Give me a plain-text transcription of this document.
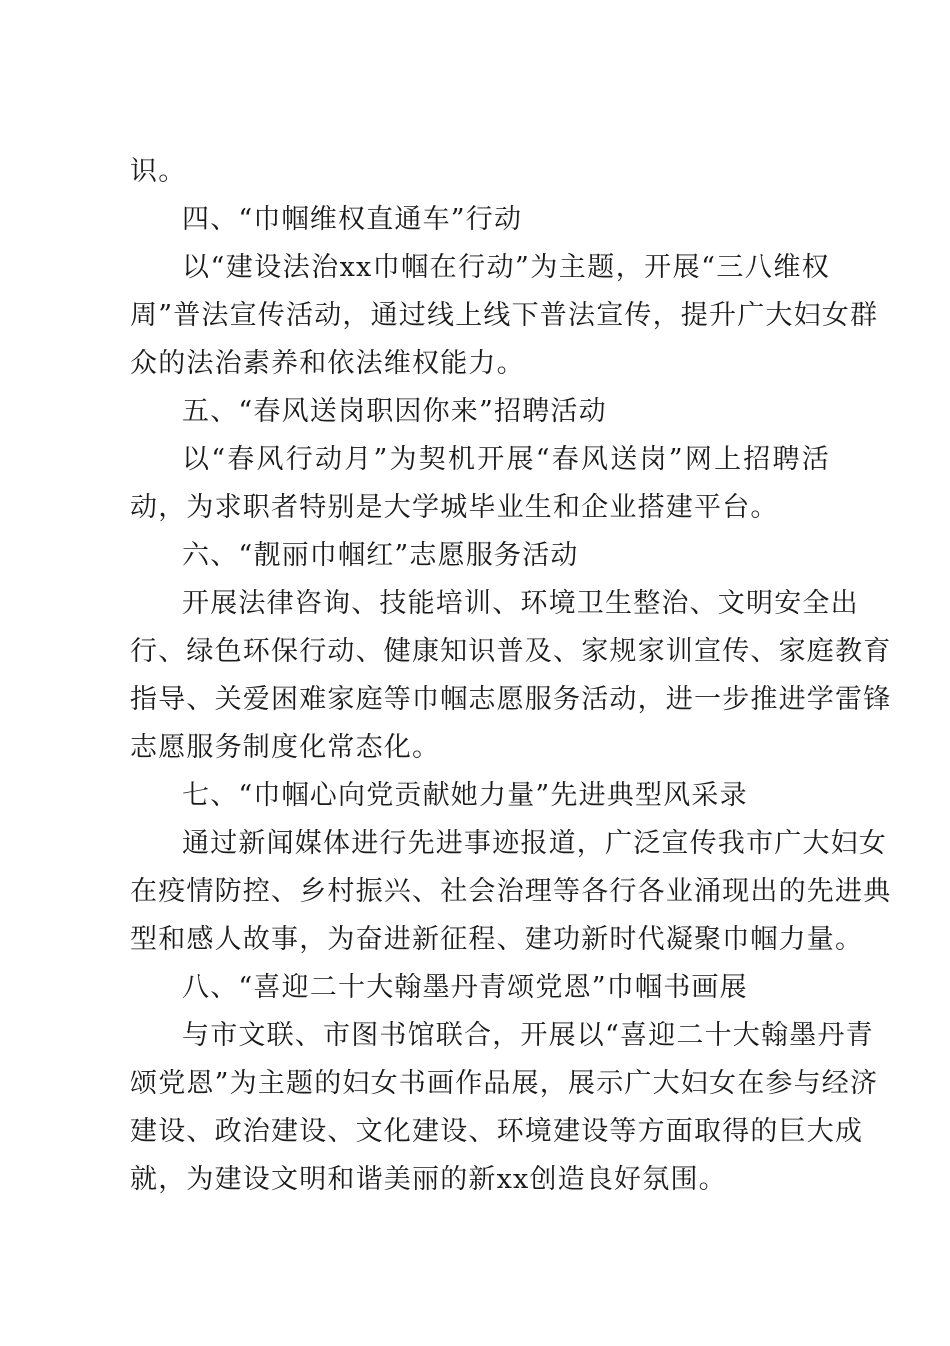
识。
四、“巾帼维权直通车”行动
以“建设法治xx巾帼在行动”为主题，开展“三八维权
周”普法宣传活动，通过线上线下普法宣传，提升广大妇女群
众的法治素养和依法维权能力。
五、“春风送岗职因你来”招聘活动
以“春风行动月”为契机开展“春风送岗”网上招聘活
动，为求职者特别是大学城毕业生和企业搭建平台。
六、“靓丽巾帼红”志愿服务活动
开展法律咨询、技能培训、环境卫生整治、文明安全出
行、绿色环保行动、健康知识普及、家规家训宣传、家庭教育
指导、关爱困难家庭等巾帼志愿服务活动，进一步推进学雷锋
志愿服务制度化常态化。
七、“巾帼心向党贡献她力量”先进典型风采录
通过新闻媒体进行先进事迹报道，广泛宣传我市广大妇女
在疫情防控、乡村振兴、社会治理等各行各业涌现出的先进典
型和感人故事，为奋进新征程、建功新时代凝聚巾帼力量。
八、“喜迎二十大翰墨丹青颂党恩”巾帼书画展
与市文联、市图书馆联合，开展以“喜迎二十大翰墨丹青
颂党恩”为主题的妇女书画作品展，展示广大妇女在参与经济
建设、政治建设、文化建设、环境建设等方面取得的巨大成
就，为建设文明和谐美丽的新xx创造良好氛围。
